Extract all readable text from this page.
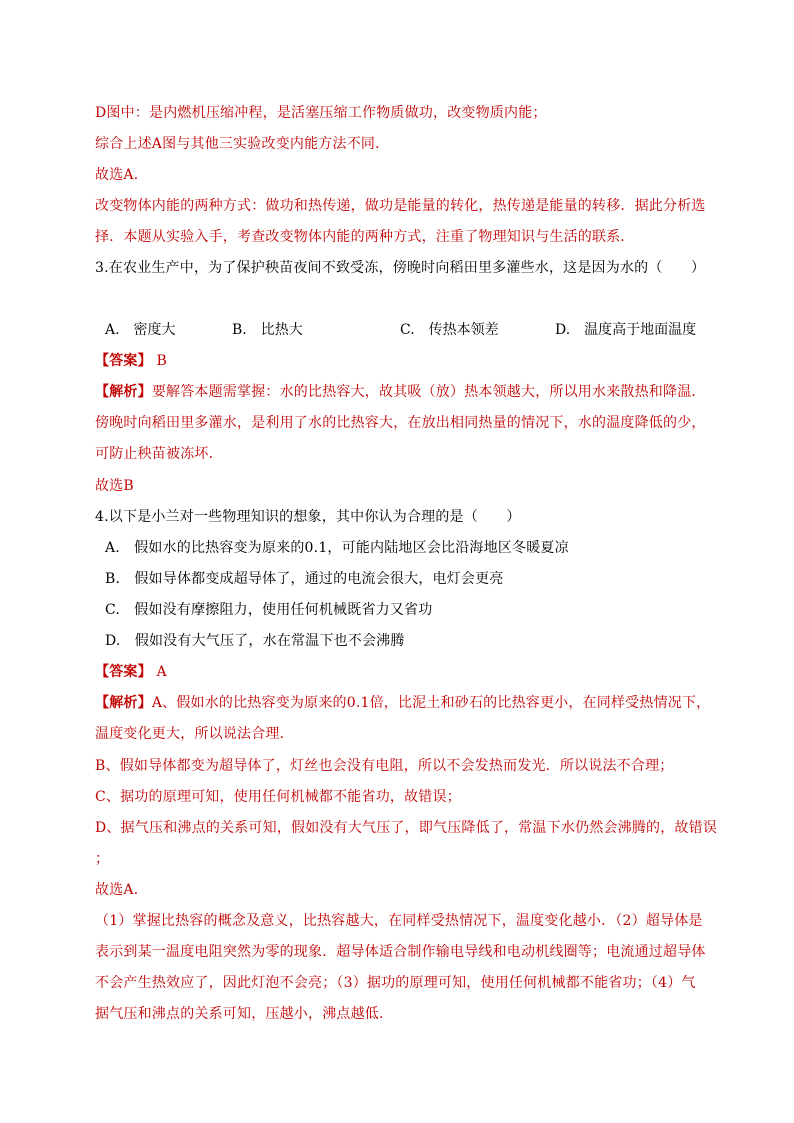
D图中：是内燃机压缩冲程，是活塞压缩工作物质做功，改变物质内能；
综合上述A图与其他三实验改变内能方法不同．
故选A．
改变物体内能的两种方式：做功和热传递，做功是能量的转化，热传递是能量的转移．据此分析选
择．本题从实验入手，考查改变物体内能的两种方式，注重了物理知识与生活的联系．
3.在农业生产中，为了保护秧苗夜间不致受冻，傍晚时向稻田里多灌些水，这是因为水的（　　）
A.　密度大	B.　比热大	C.　传热本领差	D.　温度高于地面温度
【答案】 B
【解析】要解答本题需掌握：水的比热容大，故其吸（放）热本领越大，所以用水来散热和降温．
傍晚时向稻田里多灌水，是利用了水的比热容大，在放出相同热量的情况下，水的温度降低的少，
可防止秧苗被冻坏．
故选B
4.以下是小兰对一些物理知识的想象，其中你认为合理的是（　　）
A.　假如水的比热容变为原来的0.1，可能内陆地区会比沿海地区冬暖夏凉
B.　假如导体都变成超导体了，通过的电流会很大，电灯会更亮
C.　假如没有摩擦阻力，使用任何机械既省力又省功
D.　假如没有大气压了，水在常温下也不会沸腾
【答案】 A
【解析】A、假如水的比热容变为原来的0.1倍，比泥土和砂石的比热容更小，在同样受热情况下，
温度变化更大，所以说法合理．
B、假如导体都变为超导体了，灯丝也会没有电阻，所以不会发热而发光．所以说法不合理；
C、据功的原理可知，使用任何机械都不能省功，故错误；
D、据气压和沸点的关系可知，假如没有大气压了，即气压降低了，常温下水仍然会沸腾的，故错误
；
故选A．
（1）掌握比热容的概念及意义，比热容越大，在同样受热情况下，温度变化越小．（2）超导体是
表示到某一温度电阻突然为零的现象．超导体适合制作输电导线和电动机线圈等；电流通过超导体
不会产生热效应了，因此灯泡不会亮；（3）据功的原理可知，使用任何机械都不能省功；（4）气
据气压和沸点的关系可知，压越小，沸点越低．
